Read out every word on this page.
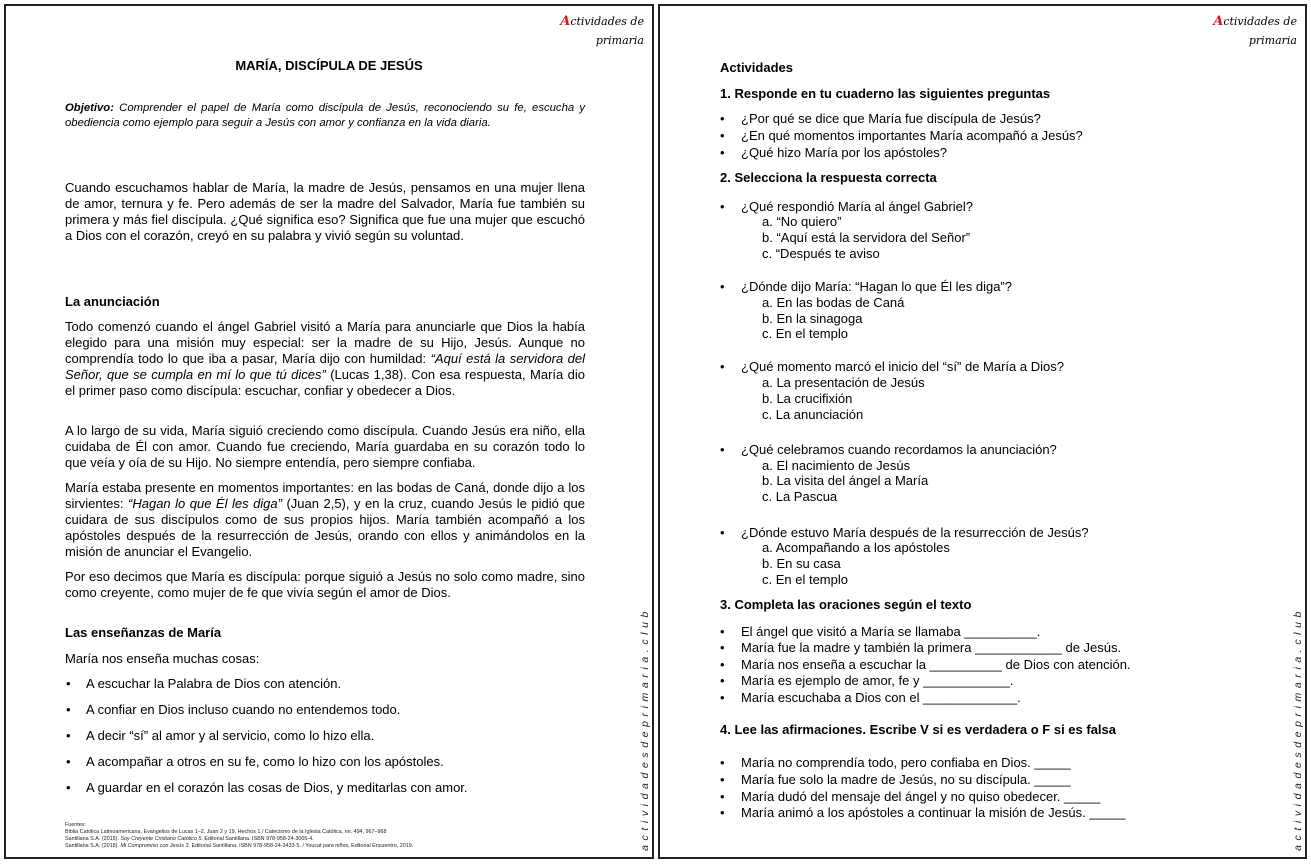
Actividades de
primaria
MARÍA, DISCÍPULA DE JESÚS
Objetivo: Comprender el papel de María como discípula de Jesús, reconociendo su fe, escucha y obediencia como ejemplo para seguir a Jesús con amor y confianza en la vida diaria.

Cuando escuchamos hablar de María, la madre de Jesús, pensamos en una mujer llena de amor, ternura y fe. Pero además de ser la madre del Salvador, María fue también su primera y más fiel discípula. ¿Qué significa eso? Significa que fue una mujer que escuchó a Dios con el corazón, creyó en su palabra y vivió según su voluntad.

La anunciación

Todo comenzó cuando el ángel Gabriel visitó a María para anunciarle que Dios la había elegido para una misión muy especial: ser la madre de su Hijo, Jesús. Aunque no comprendía todo lo que iba a pasar, María dijo con humildad: “Aquí está la servidora del Señor, que se cumpla en mí lo que tú dices” (Lucas 1,38). Con esa respuesta, María dio el primer paso como discípula: escuchar, confiar y obedecer a Dios.

A lo largo de su vida, María siguió creciendo como discípula. Cuando Jesús era niño, ella cuidaba de Él con amor. Cuando fue creciendo, María guardaba en su corazón todo lo que veía y oía de su Hijo. No siempre entendía, pero siempre confiaba.

María estaba presente en momentos importantes: en las bodas de Caná, donde dijo a los sirvientes: “Hagan lo que Él les diga” (Juan 2,5), y en la cruz, cuando Jesús le pidió que cuidara de sus discípulos como de sus propios hijos. María también acompañó a los apóstoles después de la resurrección de Jesús, orando con ellos y animándolos en la misión de anunciar el Evangelio.

Por eso decimos que María es discípula: porque siguió a Jesús no solo como madre, sino como creyente, como mujer de fe que vivía según el amor de Dios.

Las enseñanzas de María
María nos enseña muchas cosas:
• A escuchar la Palabra de Dios con atención.
• A confiar en Dios incluso cuando no entendemos todo.
• A decir “sí” al amor y al servicio, como lo hizo ella.
• A acompañar a otros en su fe, como lo hizo con los apóstoles.
• A guardar en el corazón las cosas de Dios, y meditarlas con amor.
Fuentes:
Biblia Católica Latinoamericana, Evangelios de Lucas 1–2, Juan 2 y 19, Hechos 1 / Catecismo de la Iglesia Católica, nn. 494, 967–968
Santillana S.A. (2015). Soy Creyente Cristiano Católico 5. Editorial Santillana. ISBN 978-958-24-3005-4.
Santillana S.A. (2018). Mi Compromiso con Jesús 3. Editorial Santillana. ISBN 978-958-24-3433-5. / Youcat para niños, Editorial Encuentro, 2019.	actividadesdeprimaria.club
Actividades de
primaria
Actividades
1. Responde en tu cuaderno las siguientes preguntas
• ¿Por qué se dice que María fue discípula de Jesús?
• ¿En qué momentos importantes María acompañó a Jesús?
• ¿Qué hizo María por los apóstoles?
2. Selecciona la respuesta correcta
• ¿Qué respondió María al ángel Gabriel?
a. “No quiero”
b. “Aquí está la servidora del Señor”
c. “Después te aviso
• ¿Dónde dijo María: “Hagan lo que Él les diga”?
a. En las bodas de Caná
b. En la sinagoga
c. En el templo
• ¿Qué momento marcó el inicio del “sí” de María a Dios?
a. La presentación de Jesús
b. La crucifixión
c. La anunciación
• ¿Qué celebramos cuando recordamos la anunciación?
a. El nacimiento de Jesús
b. La visita del ángel a María
c. La Pascua
• ¿Dónde estuvo María después de la resurrección de Jesús?
a. Acompañando a los apóstoles
b. En su casa
c. En el templo
3. Completa las oraciones según el texto
• El ángel que visitó a María se llamaba __________.
• María fue la madre y también la primera ____________ de Jesús.
• María nos enseña a escuchar la __________ de Dios con atención.
• María es ejemplo de amor, fe y ____________.
• María escuchaba a Dios con el _____________.
4. Lee las afirmaciones. Escribe V si es verdadera o F si es falsa
• María no comprendía todo, pero confiaba en Dios. _____
• María fue solo la madre de Jesús, no su discípula. _____
• María dudó del mensaje del ángel y no quiso obedecer. _____
• María animó a los apóstoles a continuar la misión de Jesús. _____	actividadesdeprimaria.club
